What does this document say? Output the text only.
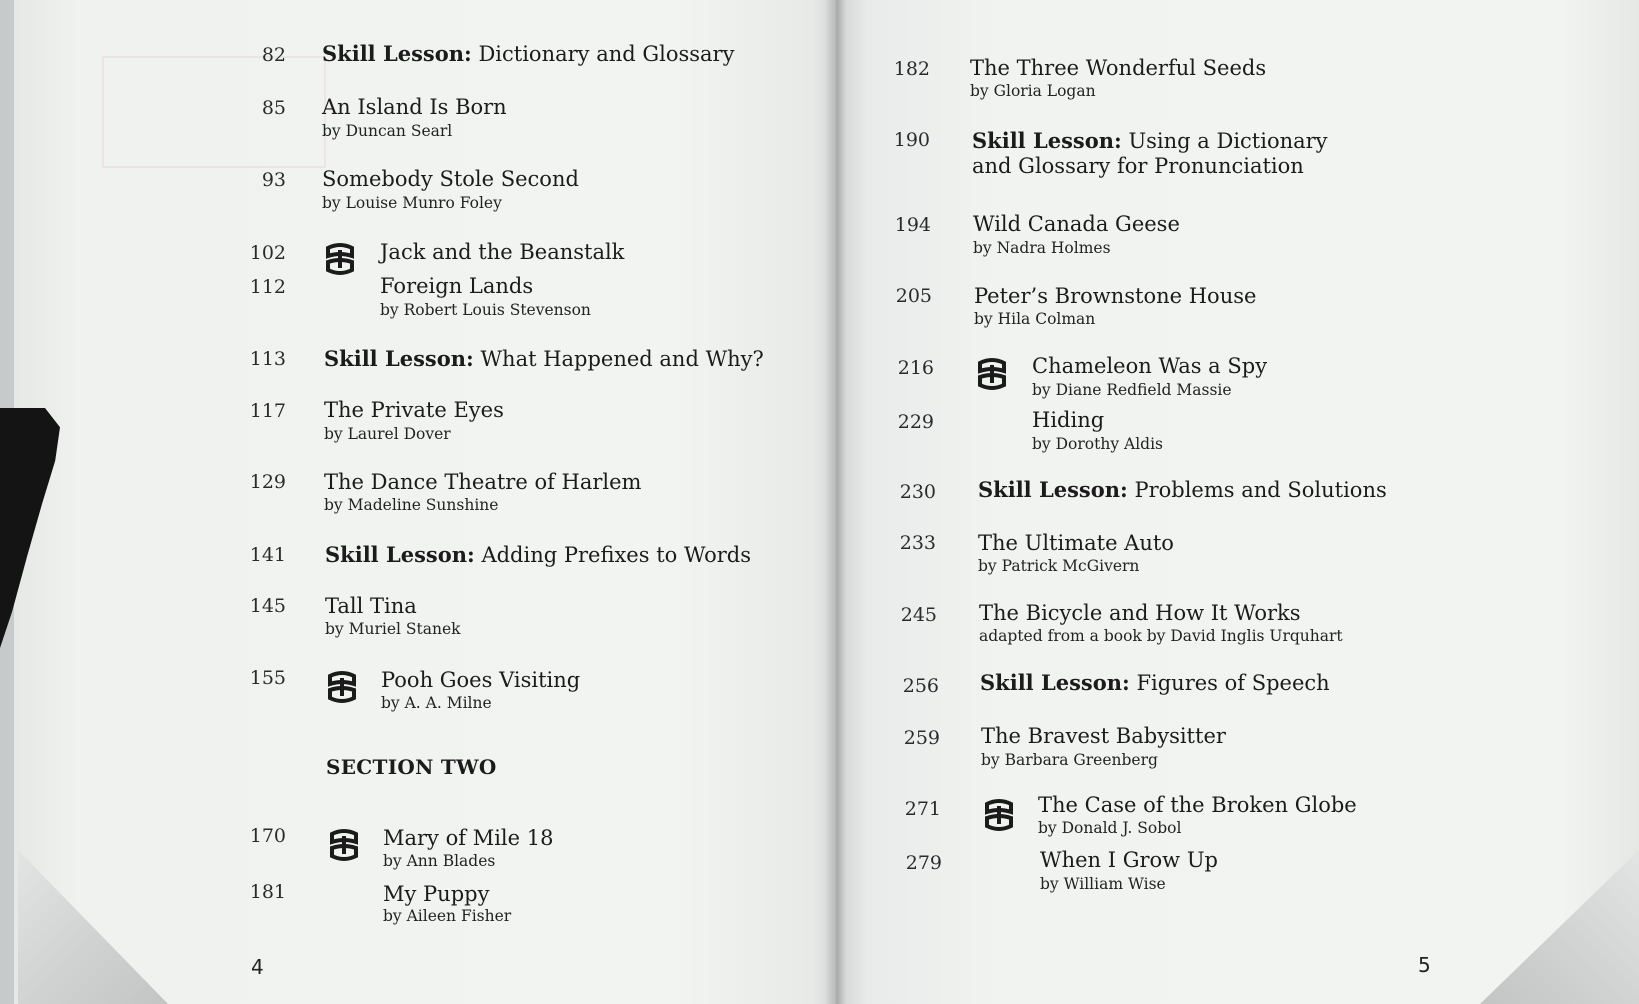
82 Skill Lesson: Dictionary and Glossary
85 An Island Is Born
by Duncan Searl
93 Somebody Stole Second
by Louise Munro Foley
102	Jack and the Beanstalk
112	Foreign Lands
by Robert Louis Stevenson
113 Skill Lesson: What Happened and Why?
117 The Private Eyes
by Laurel Dover
129 The Dance Theatre of Harlem
by Madeline Sunshine
141 Skill Lesson: Adding Prefixes to Words
145 Tall Tina
by Muriel Stanek
155	Pooh Goes Visiting
by A. A. Milne
170	Mary of Mile 18
by Ann Blades
181	My Puppy
by Aileen Fisher
182 The Three Wonderful Seeds
by Gloria Logan
190 Skill Lesson: Using a Dictionary
and Glossary for Pronunciation
194 Wild Canada Geese
by Nadra Holmes
205 Peter’s Brownstone House
by Hila Colman
216	Chameleon Was a Spy
by Diane Redfield Massie
229	Hiding
by Dorothy Aldis
230 Skill Lesson: Problems and Solutions
233 The Ultimate Auto
by Patrick McGivern
245 The Bicycle and How It Works
adapted from a book by David Inglis Urquhart
256 Skill Lesson: Figures of Speech
259 The Bravest Babysitter
by Barbara Greenberg
271	The Case of the Broken Globe
by Donald J. Sobol
279	When I Grow Up
by William Wise
SECTION TWO
4	5
